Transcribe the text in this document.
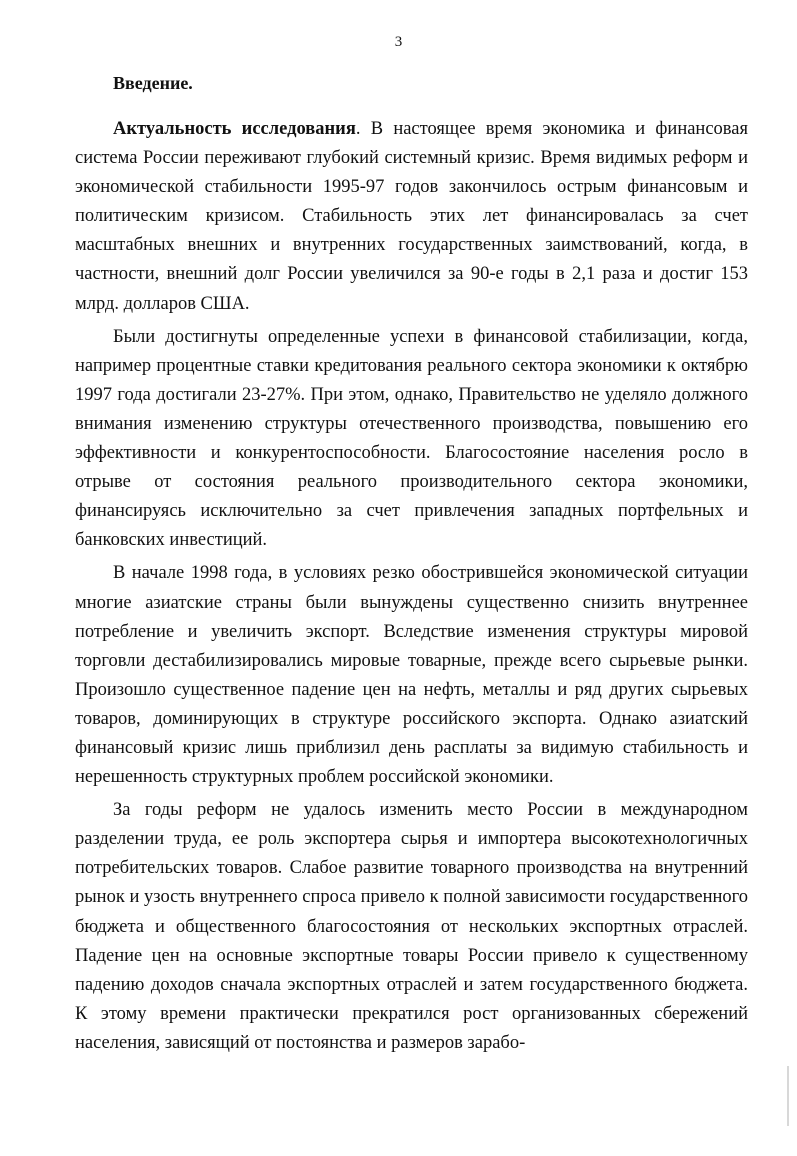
3
Введение.

Актуальность исследования. В настоящее время экономика и финансовая система России переживают глубокий системный кризис. Время видимых реформ и экономической стабильности 1995-97 годов закончилось острым финансовым и политическим кризисом. Стабильность этих лет финансировалась за счет масштабных внешних и внутренних государственных заимствований, когда, в частности, внешний долг России увеличился за 90-е годы в 2,1 раза и достиг 153 млрд. долларов США.

Были достигнуты определенные успехи в финансовой стабилизации, когда, например процентные ставки кредитования реального сектора экономики к октябрю 1997 года достигали 23-27%. При этом, однако, Правительство не уделяло должного внимания изменению структуры отечественного производства, повышению его эффективности и конкурентоспособности. Благосостояние населения росло в отрыве от состояния реального производительного сектора экономики, финансируясь исключительно за счет привлечения западных портфельных и банковских инвестиций.

В начале 1998 года, в условиях резко обострившейся экономической ситуации многие азиатские страны были вынуждены существенно снизить внутреннее потребление и увеличить экспорт. Вследствие изменения структуры мировой торговли дестабилизировались мировые товарные, прежде всего сырьевые рынки. Произошло существенное падение цен на нефть, металлы и ряд других сырьевых товаров, доминирующих в структуре российского экспорта. Однако азиатский финансовый кризис лишь приблизил день расплаты за видимую стабильность и нерешенность структурных проблем российской экономики.

За годы реформ не удалось изменить место России в международном разделении труда, ее роль экспортера сырья и импортера высокотехнологичных потребительских товаров. Слабое развитие товарного производства на внутренний рынок и узость внутреннего спроса привело к полной зависимости государственного бюджета и общественного благосостояния от нескольких экспортных отраслей. Падение цен на основные экспортные товары России привело к существенному падению доходов сначала экспортных отраслей и затем государственного бюджета. К этому времени практически прекратился рост организованных сбережений населения, зависящий от постоянства и размеров зарабо-
